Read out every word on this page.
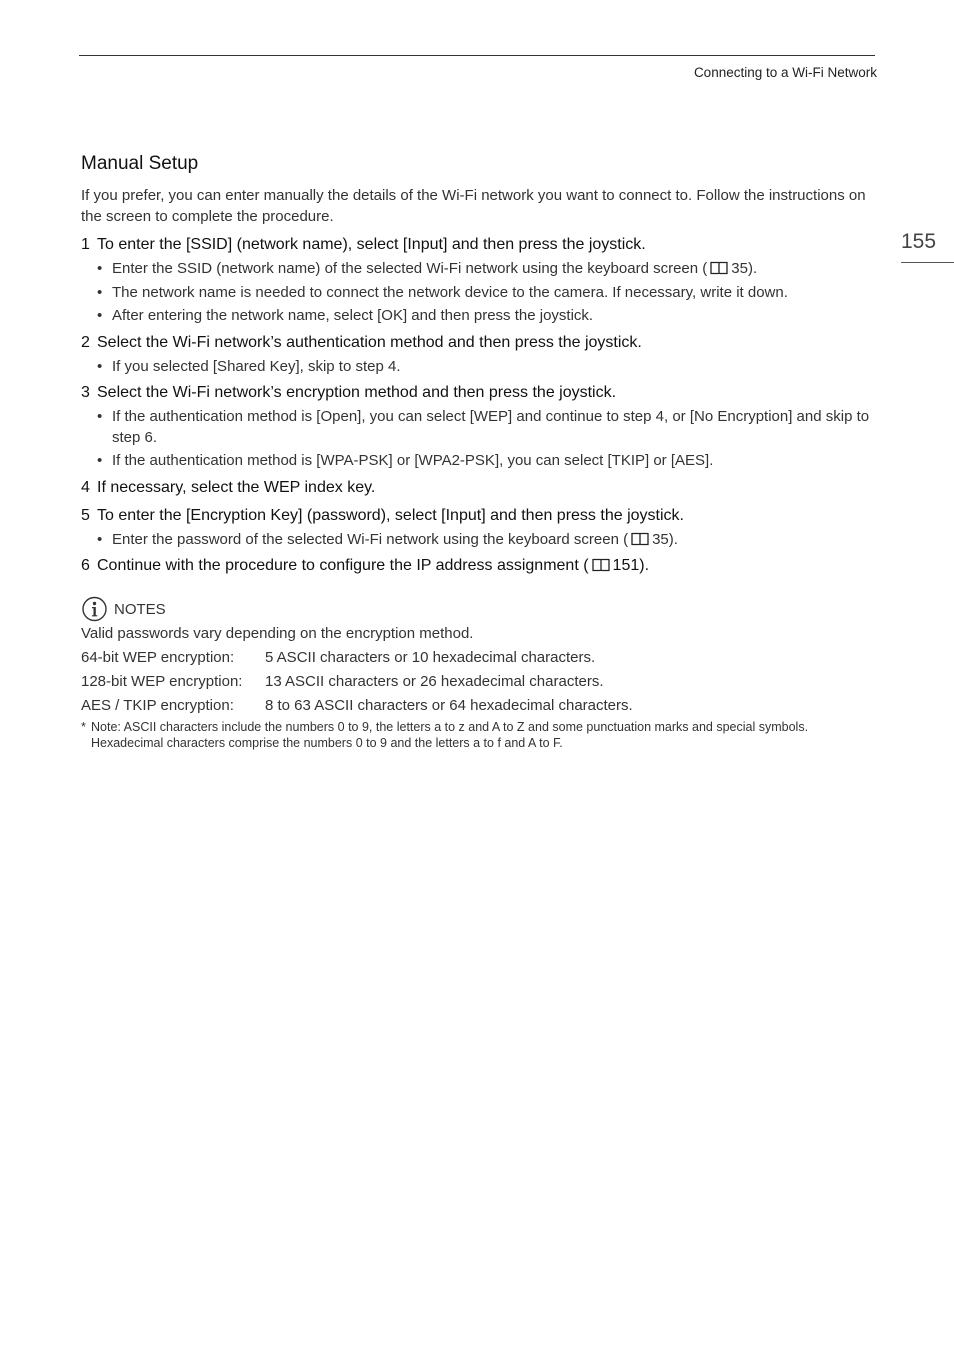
Connecting to a Wi-Fi Network
155
Manual Setup

If you prefer, you can enter manually the details of the Wi-Fi network you want to connect to. Follow the instructions on the screen to complete the procedure.

1 To enter the [SSID] (network name), select [Input] and then press the joystick.
• Enter the SSID (network name) of the selected Wi-Fi network using the keyboard screen ( 35).
• The network name is needed to connect the network device to the camera. If necessary, write it down.
• After entering the network name, select [OK] and then press the joystick.
2 Select the Wi-Fi network’s authentication method and then press the joystick.
• If you selected [Shared Key], skip to step 4.
3 Select the Wi-Fi network’s encryption method and then press the joystick.
• If the authentication method is [Open], you can select [WEP] and continue to step 4, or [No Encryption] and skip to step 6.
• If the authentication method is [WPA-PSK] or [WPA2-PSK], you can select [TKIP] or [AES].
4 If necessary, select the WEP index key.
5 To enter the [Encryption Key] (password), select [Input] and then press the joystick.
• Enter the password of the selected Wi-Fi network using the keyboard screen ( 35).
6 Continue with the procedure to configure the IP address assignment ( 151).
NOTES
Valid passwords vary depending on the encryption method.
64-bit WEP encryption:	5 ASCII characters or 10 hexadecimal characters.
128-bit WEP encryption:	13 ASCII characters or 26 hexadecimal characters.
AES / TKIP encryption:	8 to 63 ASCII characters or 64 hexadecimal characters.
* Note: ASCII characters include the numbers 0 to 9, the letters a to z and A to Z and some punctuation marks and special symbols. Hexadecimal characters comprise the numbers 0 to 9 and the letters a to f and A to F.
